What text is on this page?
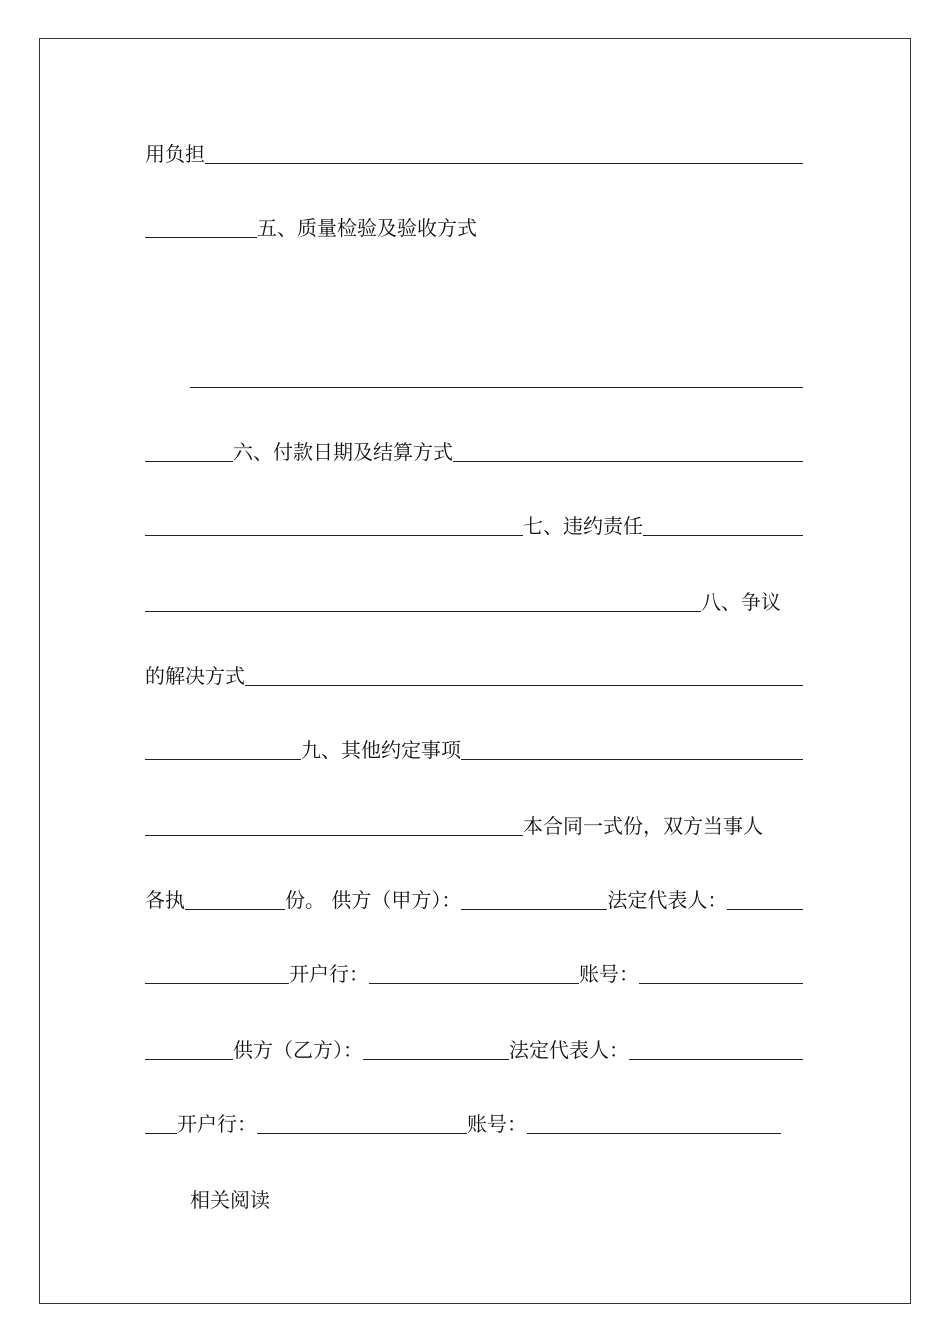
用负担
五、质量检验及验收方式
六、付款日期及结算方式
七、违约责任
八、争议
的解决方式
九、其他约定事项
本合同一式份，双方当事人
各执	份。 供方（甲方）：	法定代表人：
开户行：	账号：
供方（乙方）：	法定代表人：
开户行：	账号：
相关阅读
